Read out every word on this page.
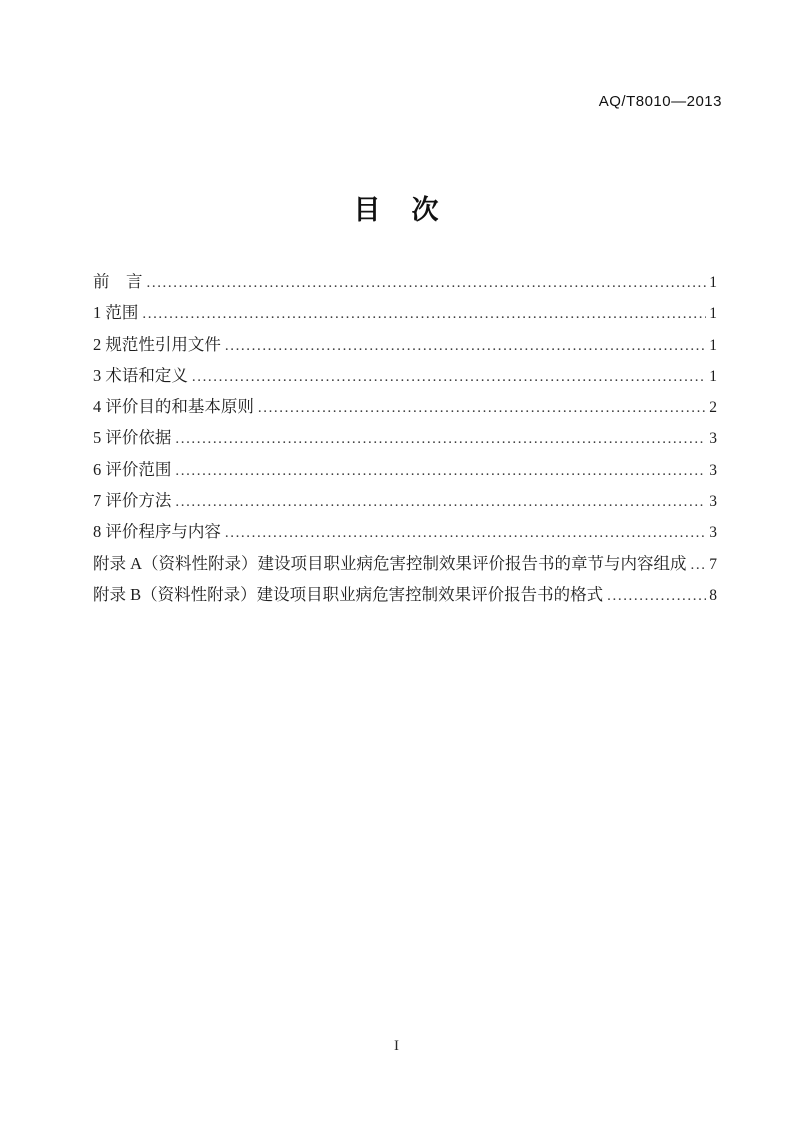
AQ/T8010—2013
目　次
前　言 .....	1
1 范围 .....	1
2 规范性引用文件 .....	1
3 术语和定义 .....	1
4 评价目的和基本原则 .....	2
5 评价依据 .....	3
6 评价范围 .....	3
7 评价方法 .....	3
8 评价程序与内容 .....	3
附录 A（资料性附录）建设项目职业病危害控制效果评价报告书的章节与内容组成 ..... 7
附录 B（资料性附录）建设项目职业病危害控制效果评价报告书的格式 .....	8
I
